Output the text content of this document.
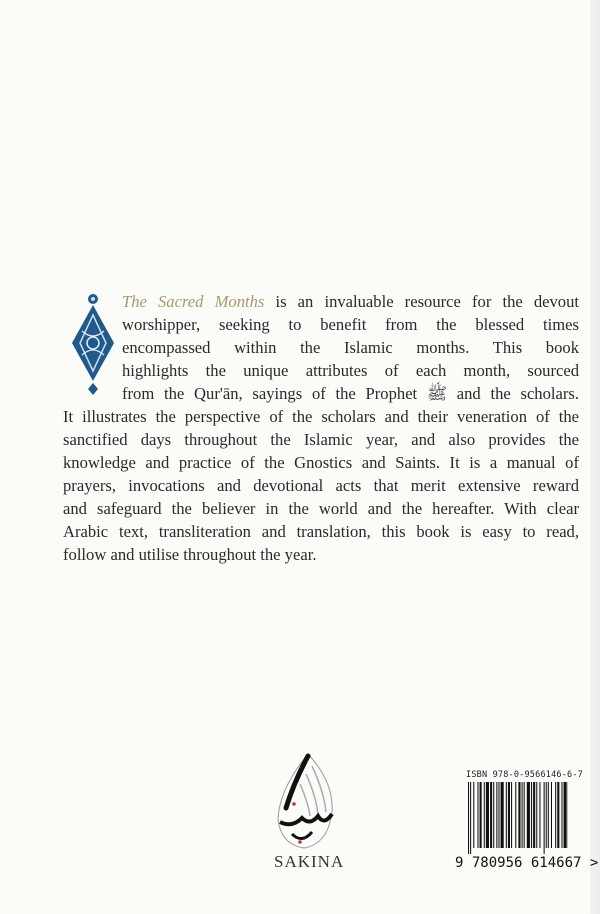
The Sacred Months is an invaluable resource for the devout
worshipper, seeking to benefit from the blessed times
encompassed within the Islamic months. This book
highlights the unique attributes of each month, sourced
from the Qur'ān, sayings of the Prophet ﷺ and the scholars.
It illustrates the perspective of the scholars and their veneration of the
sanctified days throughout the Islamic year, and also provides the
knowledge and practice of the Gnostics and Saints. It is a manual of
prayers, invocations and devotional acts that merit extensive reward
and safeguard the believer in the world and the hereafter. With clear
Arabic text, transliteration and translation, this book is easy to read,
follow and utilise throughout the year.
SAKINA
ISBN 978-0-9566146-6-7
9 780956 614667 >
